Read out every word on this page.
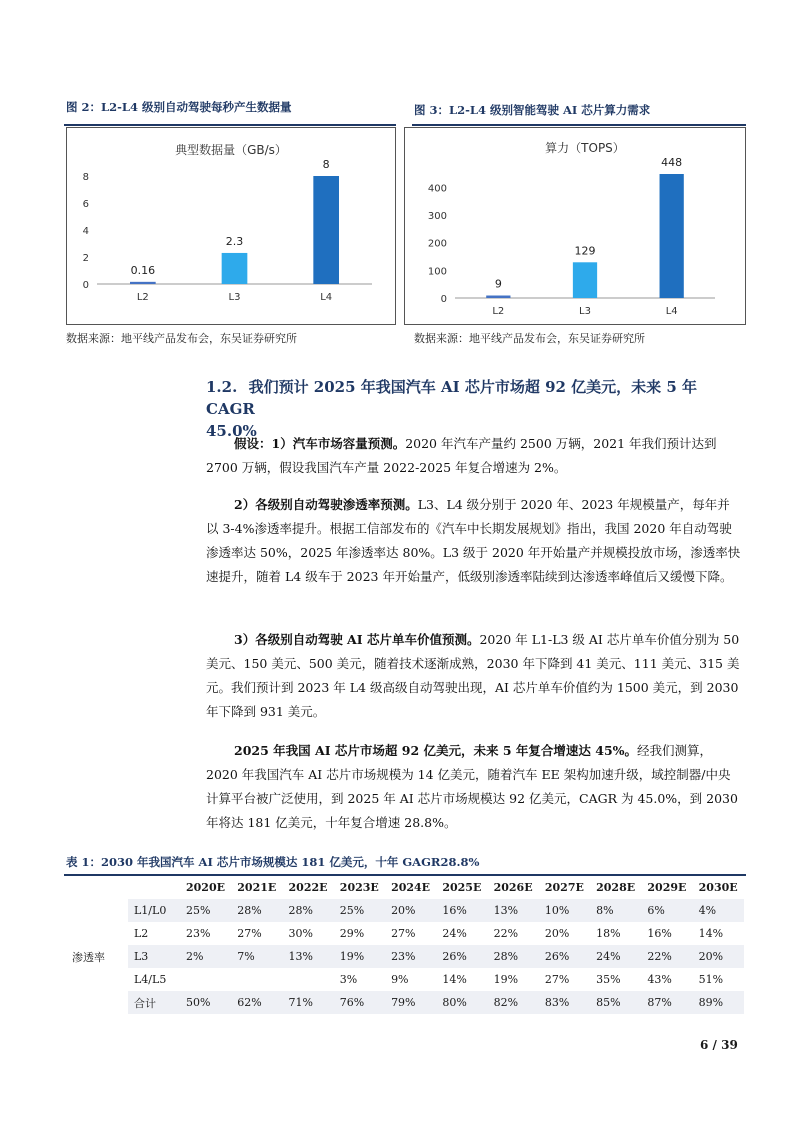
图 2：L2-L4 级别自动驾驶每秒产生数据量
典型数据量（GB/s）
0
2
4
6
8
0.16
L2
2.3
L3
8
L4
数据来源：地平线产品发布会，东吴证券研究所
图 3：L2-L4 级别智能驾驶 AI 芯片算力需求
算力（TOPS）
0
100
200
300
400
9
L2
129
L3
448
L4
数据来源：地平线产品发布会，东吴证券研究所
1.2. 我们预计 2025 年我国汽车 AI 芯片市场超 92 亿美元，未来 5 年 CAGR
45.0%
假设：1）汽车市场容量预测。2020 年汽车产量约 2500 万辆，2021 年我们预计达到 2700 万辆，假设我国汽车产量 2022-2025 年复合增速为 2%。
2）各级别自动驾驶渗透率预测。L3、L4 级分别于 2020 年、2023 年规模量产，每年并以 3-4%渗透率提升。根据工信部发布的《汽车中长期发展规划》指出，我国 2020 年自动驾驶渗透率达 50%，2025 年渗透率达 80%。L3 级于 2020 年开始量产并规模投放市场，渗透率快速提升，随着 L4 级车于 2023 年开始量产，低级别渗透率陆续到达渗透率峰值后又缓慢下降。
3）各级别自动驾驶 AI 芯片单车价值预测。2020 年 L1-L3 级 AI 芯片单车价值分别为 50 美元、150 美元、500 美元，随着技术逐渐成熟，2030 年下降到 41 美元、111 美元、315 美元。我们预计到 2023 年 L4 级高级自动驾驶出现，AI 芯片单车价值约为 1500 美元，到 2030 年下降到 931 美元。
2025 年我国 AI 芯片市场超 92 亿美元，未来 5 年复合增速达 45%。经我们测算，2020 年我国汽车 AI 芯片市场规模为 14 亿美元，随着汽车 EE 架构加速升级，域控制器/中央计算平台被广泛使用，到 2025 年 AI 芯片市场规模达 92 亿美元，CAGR 为 45.0%，到 2030 年将达 181 亿美元，十年复合增速 28.8%。
表 1：2030 年我国汽车 AI 芯片市场规模达 181 亿美元，十年 GAGR28.8%
		2020E	2021E	2022E	2023E	2024E	2025E	2026E	2027E	2028E	2029E	2030E
渗透率	L1/L0	25%	28%	28%	25%	20%	16%	13%	10%	8%	6%	4%
	L2	23%	27%	30%	29%	27%	24%	22%	20%	18%	16%	14%
	L3	2%	7%	13%	19%	23%	26%	28%	26%	24%	22%	20%
	L4/L5				3%	9%	14%	19%	27%	35%	43%	51%
	合计	50%	62%	71%	76%	79%	80%	82%	83%	85%	87%	89%
6 / 39
